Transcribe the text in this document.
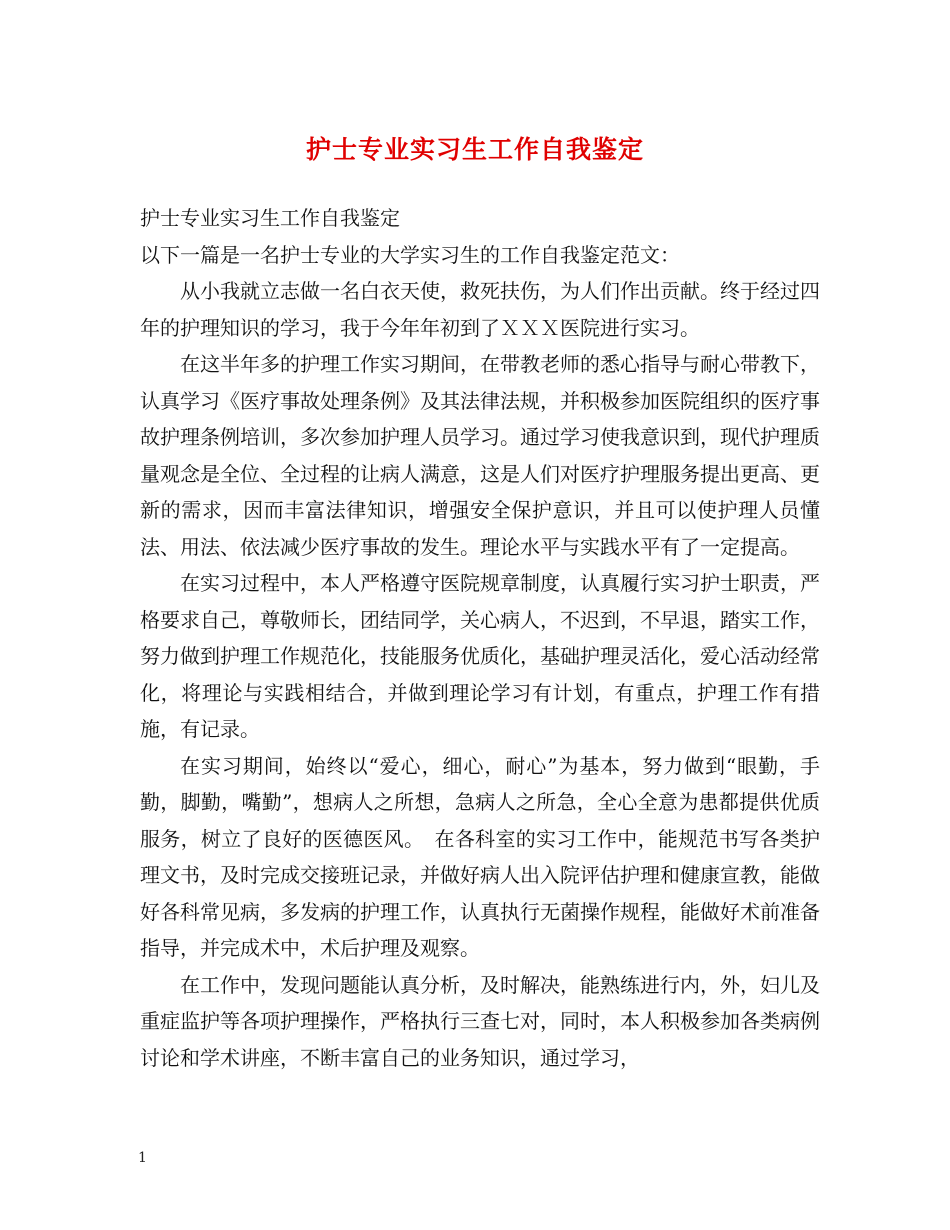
护士专业实习生工作自我鉴定

护士专业实习生工作自我鉴定

以下一篇是一名护士专业的大学实习生的工作自我鉴定范文：

从小我就立志做一名白衣天使，救死扶伤，为人们作出贡献。终于经过四年的护理知识的学习，我于今年年初到了ＸＸＸ医院进行实习。

在这半年多的护理工作实习期间，在带教老师的悉心指导与耐心带教下，认真学习《医疗事故处理条例》及其法律法规，并积极参加医院组织的医疗事故护理条例培训，多次参加护理人员学习。通过学习使我意识到，现代护理质量观念是全位、全过程的让病人满意，这是人们对医疗护理服务提出更高、更新的需求，因而丰富法律知识，增强安全保护意识，并且可以使护理人员懂法、用法、依法减少医疗事故的发生。理论水平与实践水平有了一定提高。

在实习过程中，本人严格遵守医院规章制度，认真履行实习护士职责，严格要求自己，尊敬师长，团结同学，关心病人，不迟到，不早退，踏实工作，努力做到护理工作规范化，技能服务优质化，基础护理灵活化，爱心活动经常化，将理论与实践相结合，并做到理论学习有计划，有重点，护理工作有措施，有记录。

在实习期间，始终以“爱心，细心，耐心”为基本，努力做到“眼勤，手勤，脚勤，嘴勤”，想病人之所想，急病人之所急，全心全意为患都提供优质服务，树立了良好的医德医风。　在各科室的实习工作中，能规范书写各类护理文书，及时完成交接班记录，并做好病人出入院评估护理和健康宣教，能做好各科常见病，多发病的护理工作，认真执行无菌操作规程，能做好术前准备指导，并完成术中，术后护理及观察。

在工作中，发现问题能认真分析，及时解决，能熟练进行内，外，妇儿及重症监护等各项护理操作，严格执行三查七对，同时，本人积极参加各类病例讨论和学术讲座，不断丰富自己的业务知识，通过学习，

1
